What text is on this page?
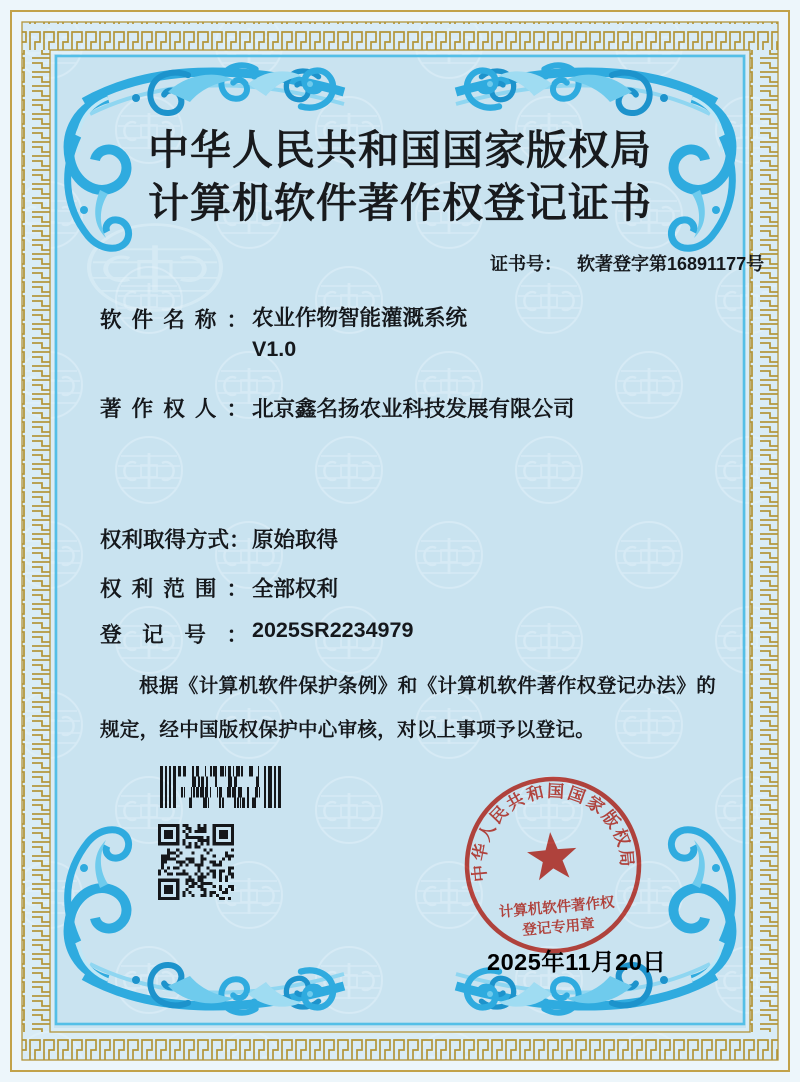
中华人民共和国国家版权局
计算机软件著作权登记证书
证书号： 软著登字第16891177号
软件名称： 农业作物智能灌溉系统
V1.0
著作权人： 北京鑫名扬农业科技发展有限公司
权利取得方式： 原始取得
权利范围： 全部权利
登记号： 2025SR2234979
根据《计算机软件保护条例》和《计算机软件著作权登记办法》的规定，经中国版权保护中心审核，对以上事项予以登记。
中华人民共和国国家版权局
计算机软件著作权
登记专用章
2025年11月20日
